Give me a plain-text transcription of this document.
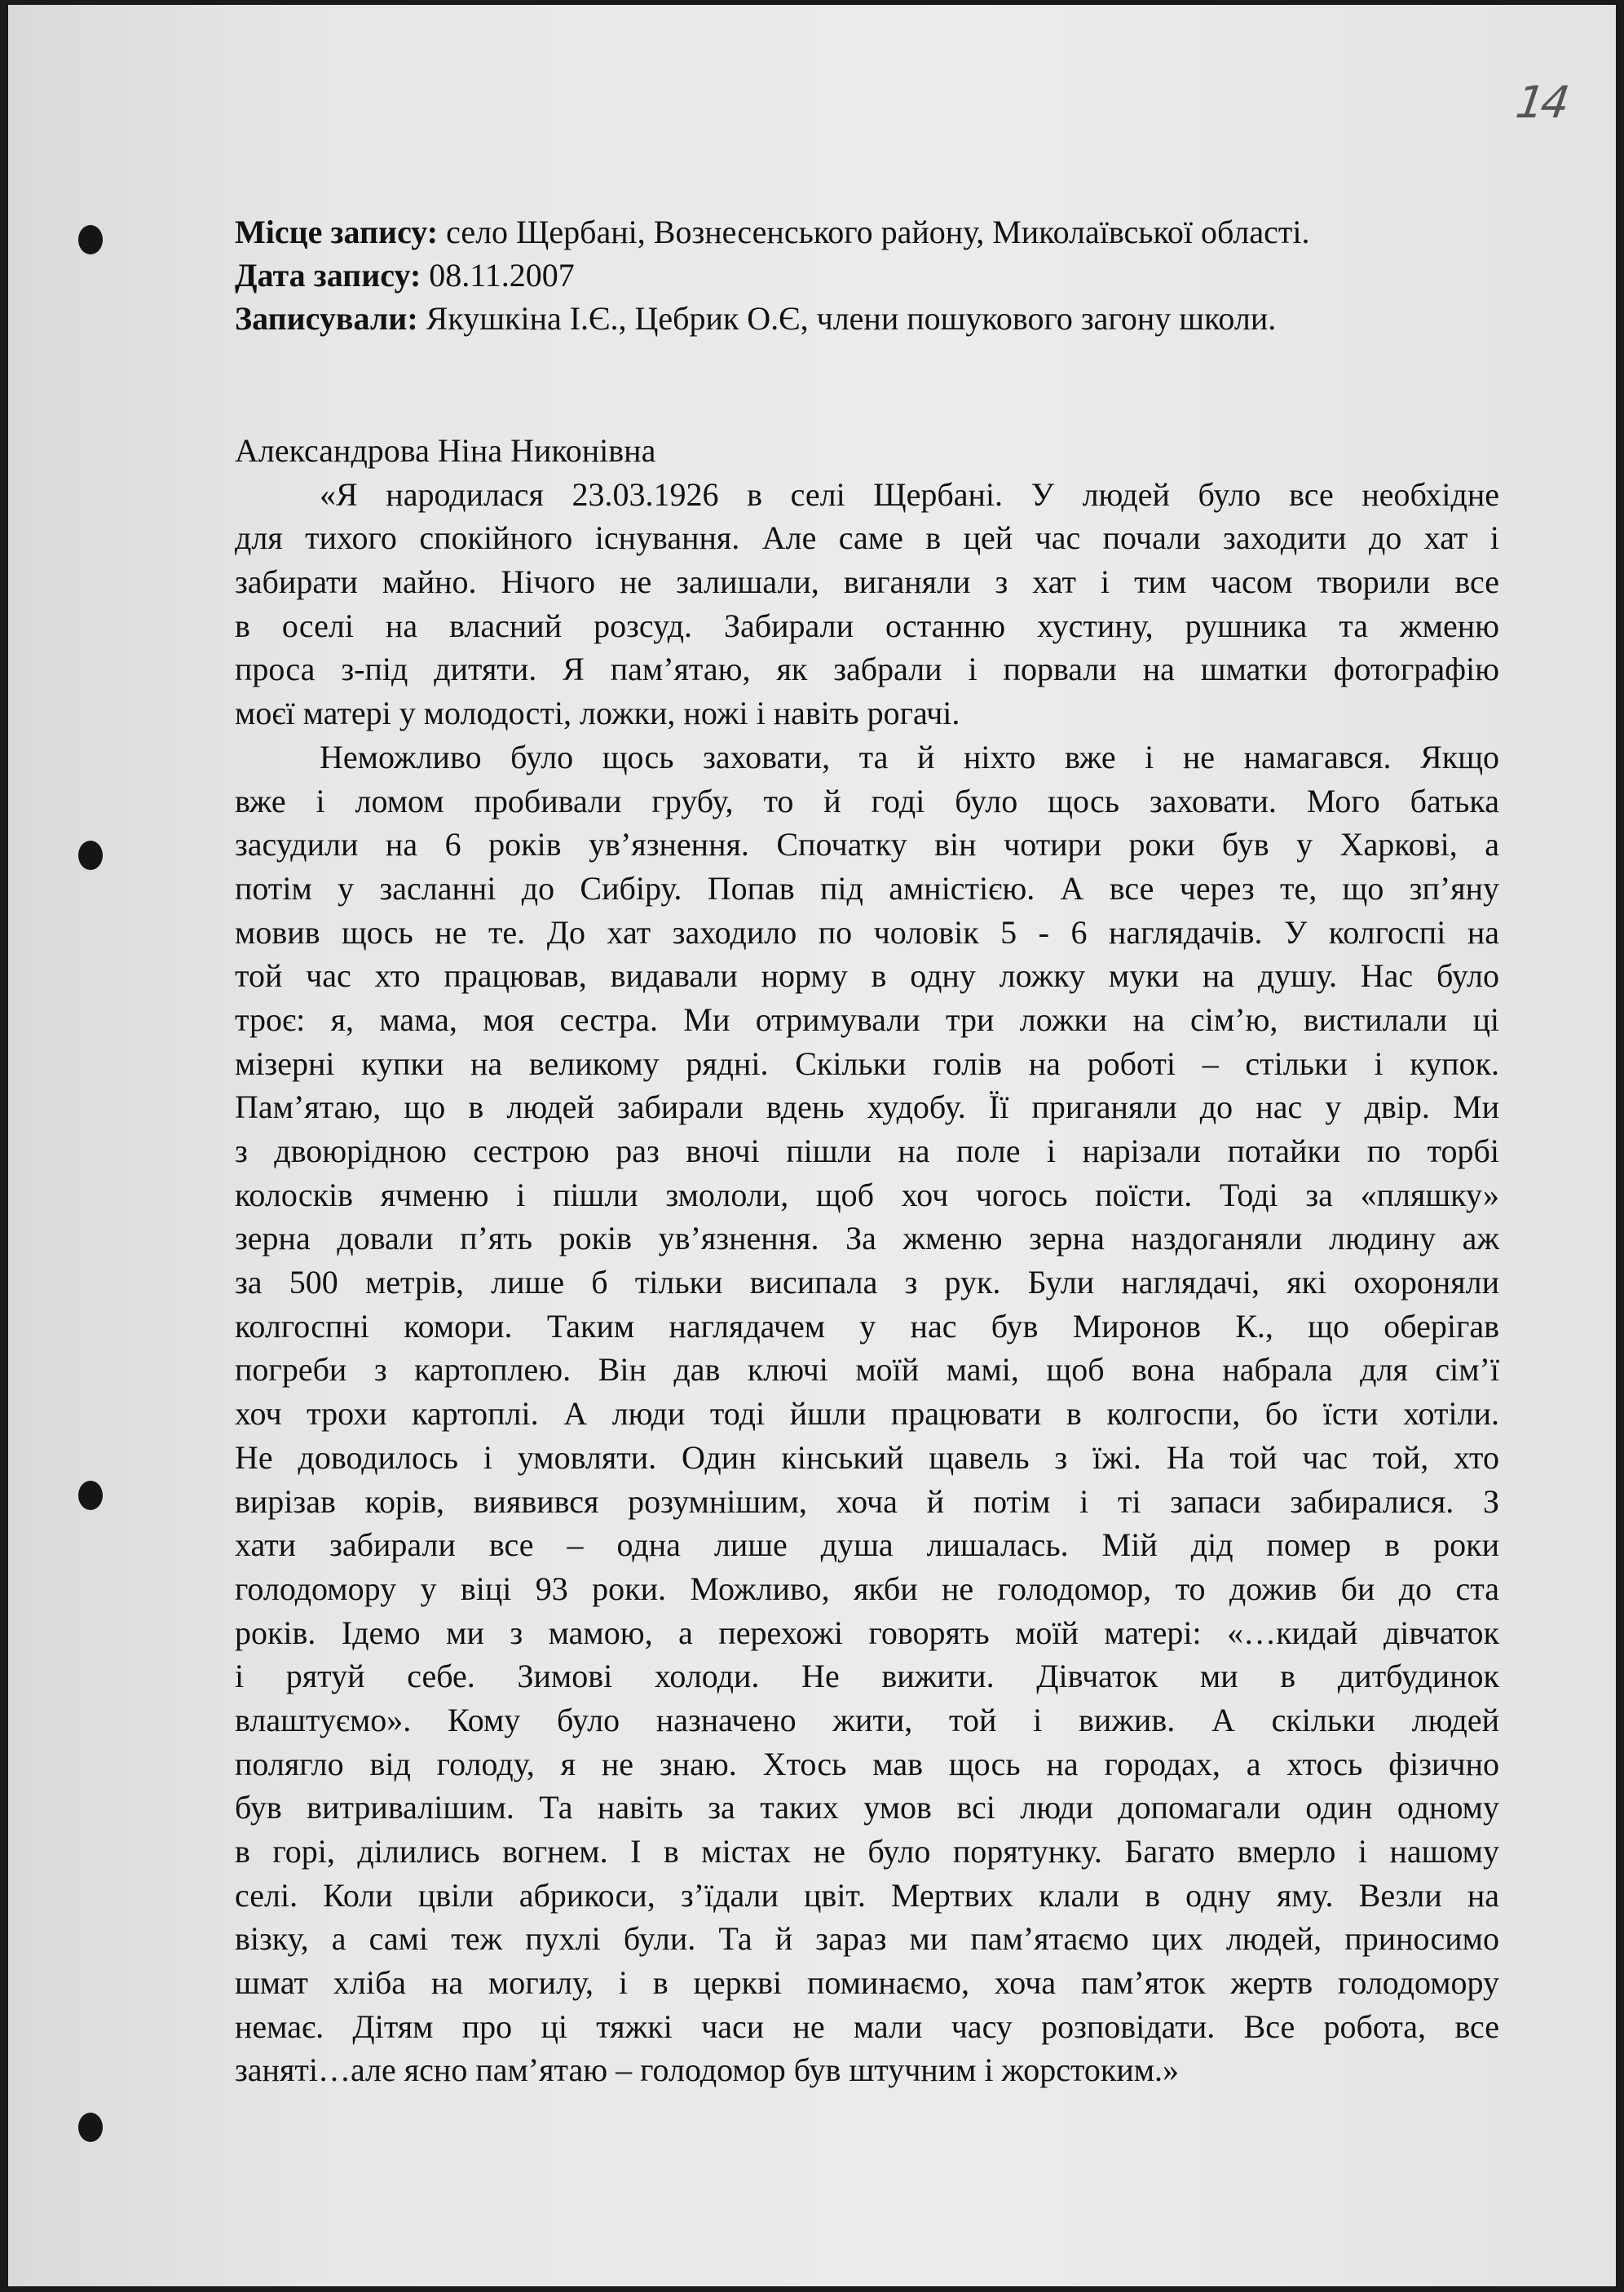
14
Місце запису: село Щербані, Вознесенського району, Миколаївської області.
Дата запису: 08.11.2007
Записували: Якушкіна І.Є., Цебрик О.Є, члени пошукового загону школи.
Александрова Ніна Никонівна
«Я народилася 23.03.1926 в селі Щербані. У людей було все необхідне
для тихого спокійного існування. Але саме в цей час почали заходити до хат і
забирати майно. Нічого не залишали, виганяли з хат і тим часом творили все
в оселі на власний розсуд. Забирали останню хустину, рушника та жменю
проса з-під дитяти. Я пам’ятаю, як забрали і порвали на шматки фотографію
моєї матері у молодості, ложки, ножі і навіть рогачі.
Неможливо було щось заховати, та й ніхто вже і не намагався. Якщо
вже і ломом пробивали грубу, то й годі було щось заховати. Мого батька
засудили на 6 років ув’язнення. Спочатку він чотири роки був у Харкові, а
потім у засланні до Сибіру. Попав під амністією. А все через те, що зп’яну
мовив щось не те. До хат заходило по чоловік 5 - 6 наглядачів. У колгоспі на
той час хто працював, видавали норму в одну ложку муки на душу. Нас було
троє: я, мама, моя сестра. Ми отримували три ложки на сім’ю, вистилали ці
мізерні купки на великому рядні. Скільки голів на роботі – стільки і купок.
Пам’ятаю, що в людей забирали вдень худобу. Її приганяли до нас у двір. Ми
з двоюрідною сестрою раз вночі пішли на поле і нарізали потайки по торбі
колосків ячменю і пішли змололи, щоб хоч чогось поїсти. Тоді за «пляшку»
зерна довали п’ять років ув’язнення. За жменю зерна наздоганяли людину аж
за 500 метрів, лише б тільки висипала з рук. Були наглядачі, які охороняли
колгоспні комори. Таким наглядачем у нас був Миронов К., що оберігав
погреби з картоплею. Він дав ключі моїй мамі, щоб вона набрала для сім’ї
хоч трохи картоплі. А люди тоді йшли працювати в колгоспи, бо їсти хотіли.
Не доводилось і умовляти. Один кінський щавель з їжі. На той час той, хто
вирізав корів, виявився розумнішим, хоча й потім і ті запаси забиралися. З
хати забирали все – одна лише душа лишалась. Мій дід помер в роки
голодомору у віці 93 роки. Можливо, якби не голодомор, то дожив би до ста
років. Ідемо ми з мамою, а перехожі говорять моїй матері: «…кидай дівчаток
і рятуй себе. Зимові холоди. Не вижити. Дівчаток ми в дитбудинок
влаштуємо». Кому було назначено жити, той і вижив. А скільки людей
полягло від голоду, я не знаю. Хтось мав щось на городах, а хтось фізично
був витривалішим. Та навіть за таких умов всі люди допомагали один одному
в горі, ділились вогнем. І в містах не було порятунку. Багато вмерло і нашому
селі. Коли цвіли абрикоси, з’їдали цвіт. Мертвих клали в одну яму. Везли на
візку, а самі теж пухлі були. Та й зараз ми пам’ятаємо цих людей, приносимо
шмат хліба на могилу, і в церкві поминаємо, хоча пам’яток жертв голодомору
немає. Дітям про ці тяжкі часи не мали часу розповідати. Все робота, все
заняті…але ясно пам’ятаю – голодомор був штучним і жорстоким.»
